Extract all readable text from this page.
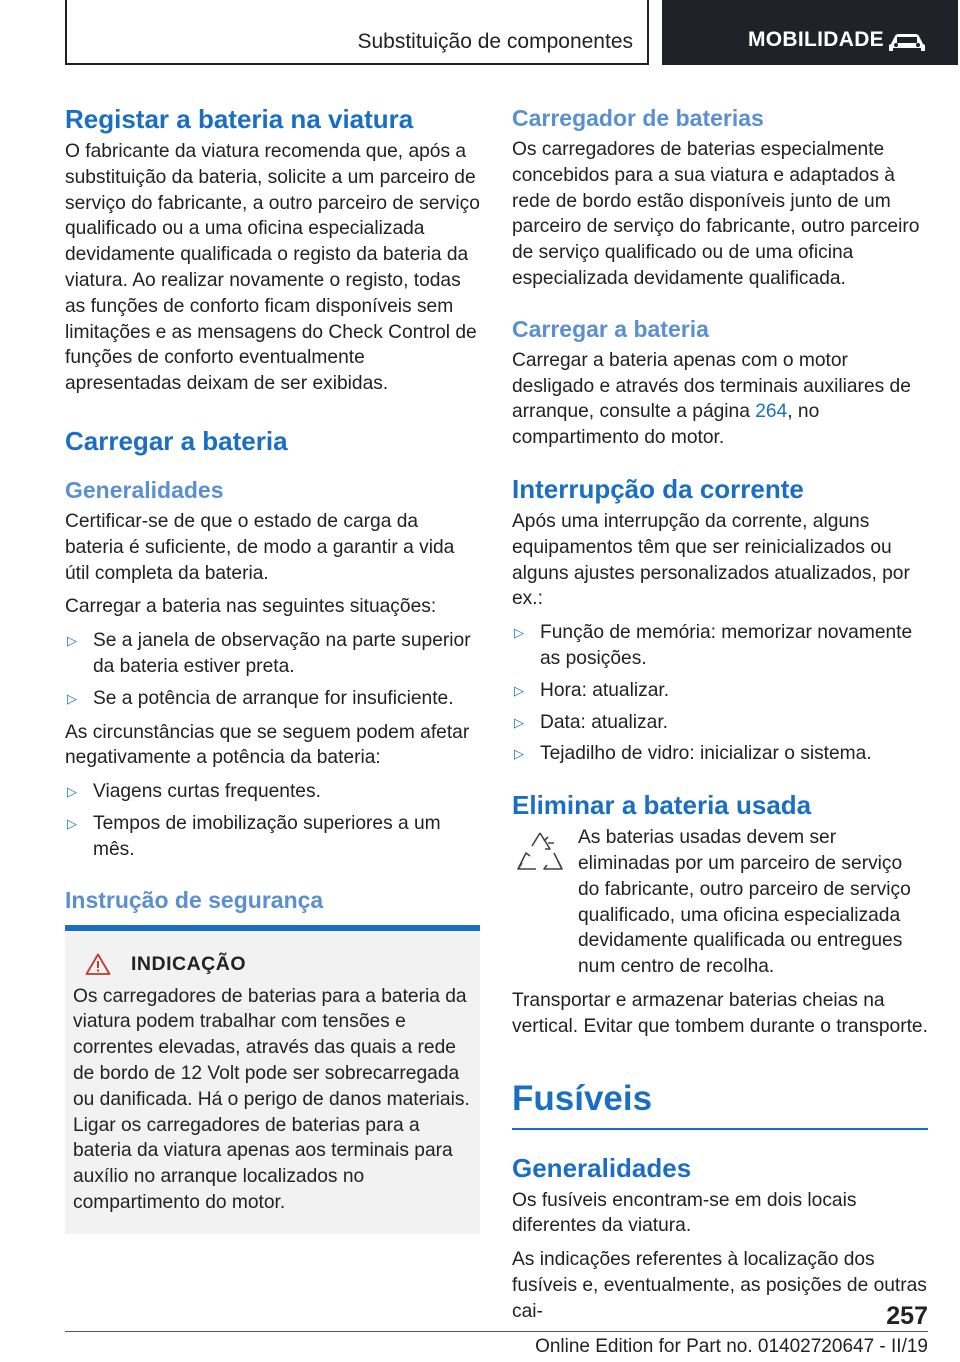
Substituição de componentes	MOBILIDADE
Registar a bateria na viatura

O fabricante da viatura recomenda que, após a substituição da bateria, solicite a um parceiro de serviço do fabricante, a outro parceiro de serviço qualificado ou a uma oficina especializada devidamente qualificada o registo da bateria da viatura. Ao realizar novamente o registo, todas as funções de conforto ficam disponíveis sem limitações e as mensagens do Check Control de funções de conforto eventualmente apresentadas deixam de ser exibidas.

Carregar a bateria
Generalidades

Certificar-se de que o estado de carga da bateria é suficiente, de modo a garantir a vida útil completa da bateria.

Carregar a bateria nas seguintes situações:

▷ Se a janela de observação na parte superior da bateria estiver preta.
▷ Se a potência de arranque for insuficiente.

As circunstâncias que se seguem podem afetar negativamente a potência da bateria:

▷ Viagens curtas frequentes.
▷ Tempos de imobilização superiores a um mês.
Instrução de segurança
INDICAÇÃO

Os carregadores de baterias para a bateria da viatura podem trabalhar com tensões e correntes elevadas, através das quais a rede de bordo de 12 Volt pode ser sobrecarregada ou danificada. Há o perigo de danos materiais. Ligar os carregadores de baterias para a bateria da viatura apenas aos terminais para auxílio no arranque localizados no compartimento do motor.

Carregador de baterias

Os carregadores de baterias especialmente concebidos para a sua viatura e adaptados à rede de bordo estão disponíveis junto de um parceiro de serviço do fabricante, outro parceiro de serviço qualificado ou de uma oficina especializada devidamente qualificada.

Carregar a bateria

Carregar a bateria apenas com o motor desligado e através dos terminais auxiliares de arranque, consulte a página 264, no compartimento do motor.

Interrupção da corrente

Após uma interrupção da corrente, alguns equipamentos têm que ser reinicializados ou alguns ajustes personalizados atualizados, por ex.:

▷ Função de memória: memorizar novamente as posições.
▷ Hora: atualizar.
▷ Data: atualizar.
▷ Tejadilho de vidro: inicializar o sistema.
Eliminar a bateria usada

As baterias usadas devem ser eliminadas por um parceiro de serviço do fabricante, outro parceiro de serviço qualificado, uma oficina especializada devidamente qualificada ou entregues num centro de recolha.

Transportar e armazenar baterias cheias na vertical. Evitar que tombem durante o transporte.

Fusíveis
Generalidades

Os fusíveis encontram-se em dois locais diferentes da viatura.

As indicações referentes à localização dos fusíveis e, eventualmente, as posições de outras cai-	257
Online Edition for Part no. 01402720647 - II/19
